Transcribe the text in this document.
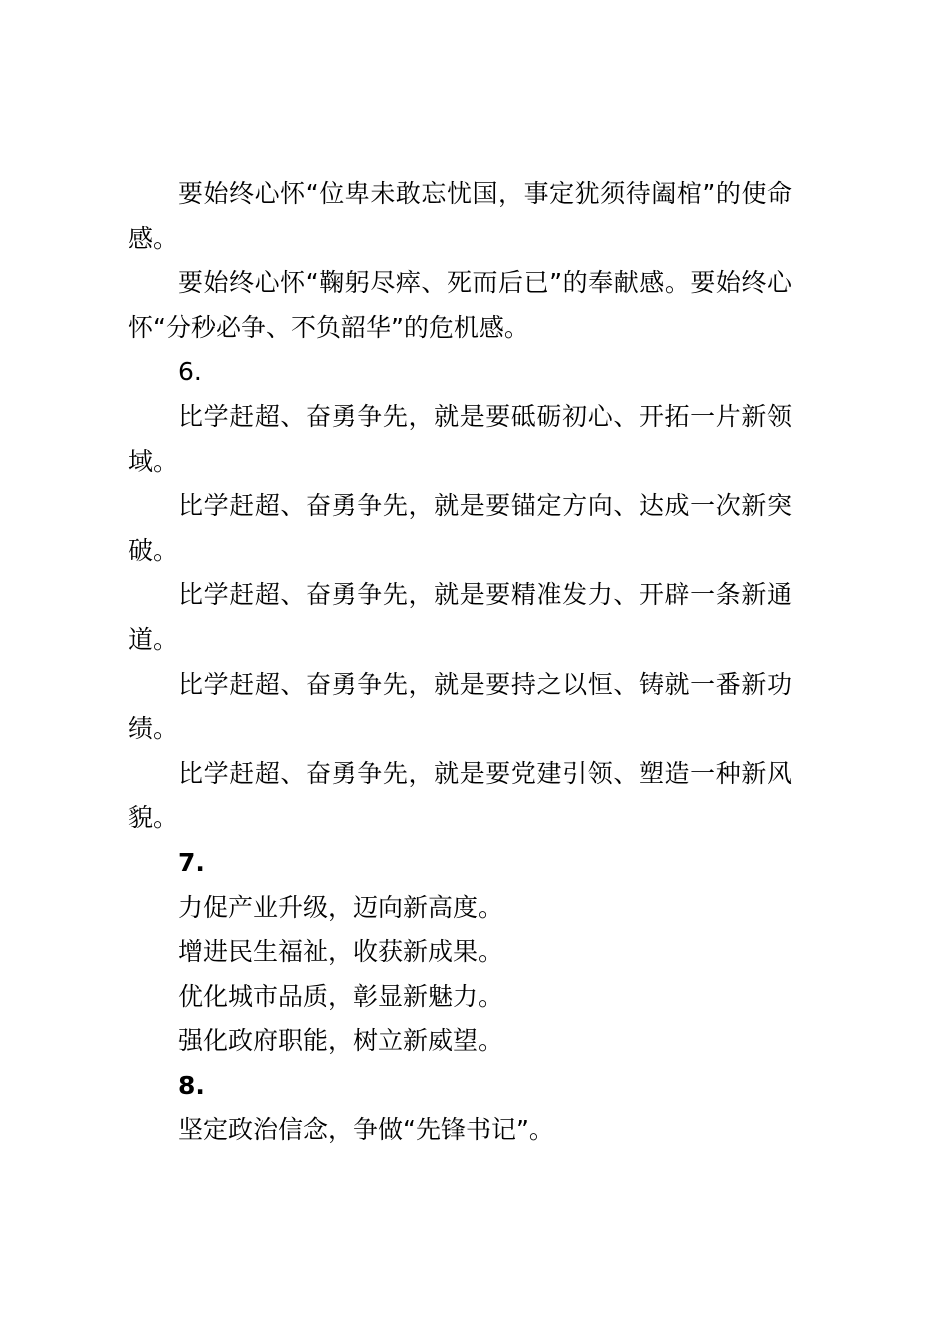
要始终心怀“位卑未敢忘忧国，事定犹须待阖棺”的使命感。

要始终心怀“鞠躬尽瘁、死而后已”的奉献感。要始终心怀“分秒必争、不负韶华”的危机感。

6.

比学赶超、奋勇争先，就是要砥砺初心、开拓一片新领域。

比学赶超、奋勇争先，就是要锚定方向、达成一次新突破。

比学赶超、奋勇争先，就是要精准发力、开辟一条新通道。

比学赶超、奋勇争先，就是要持之以恒、铸就一番新功绩。

比学赶超、奋勇争先，就是要党建引领、塑造一种新风貌。

7.

力促产业升级，迈向新高度。

增进民生福祉，收获新成果。

优化城市品质，彰显新魅力。

强化政府职能，树立新威望。

8.

坚定政治信念，争做“先锋书记”。
